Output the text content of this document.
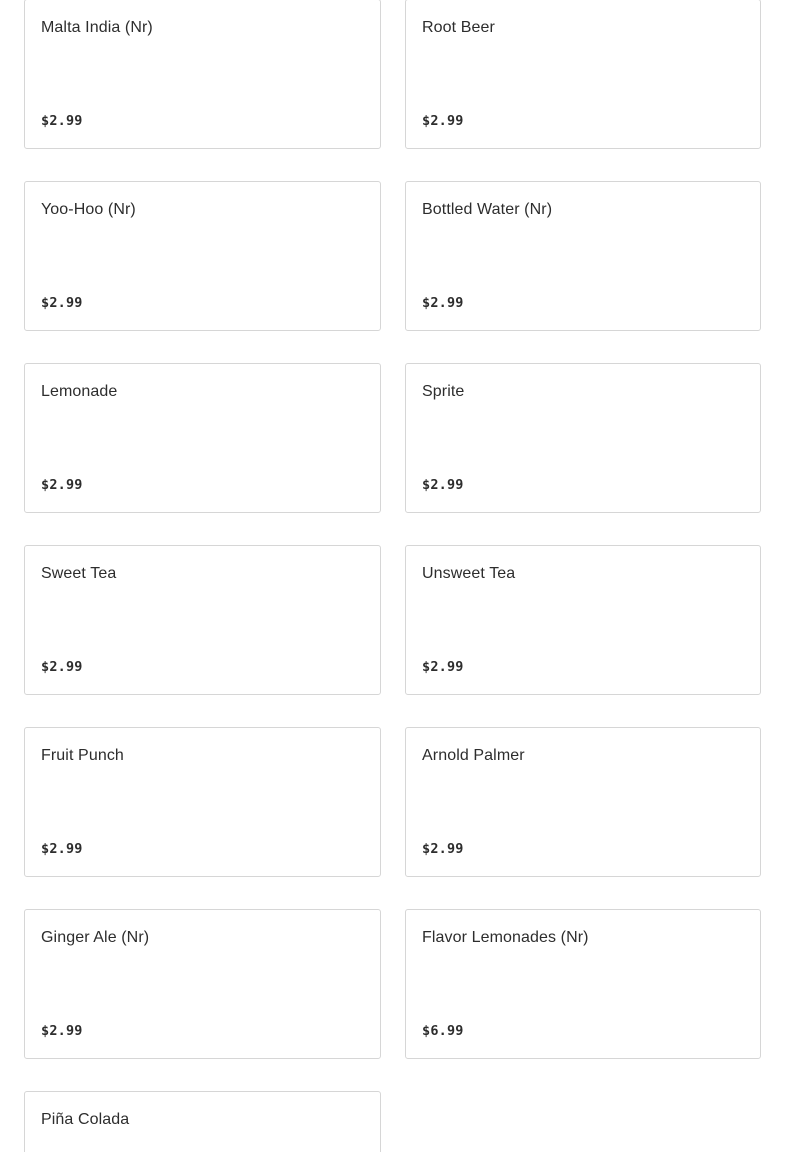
Malta India (Nr)
$2.99
Root Beer
$2.99
Yoo-Hoo (Nr)
$2.99
Bottled Water (Nr)
$2.99
Lemonade
$2.99
Sprite
$2.99
Sweet Tea
$2.99
Unsweet Tea
$2.99
Fruit Punch
$2.99
Arnold Palmer
$2.99
Ginger Ale (Nr)
$2.99
Flavor Lemonades (Nr)
$6.99
Piña Colada
